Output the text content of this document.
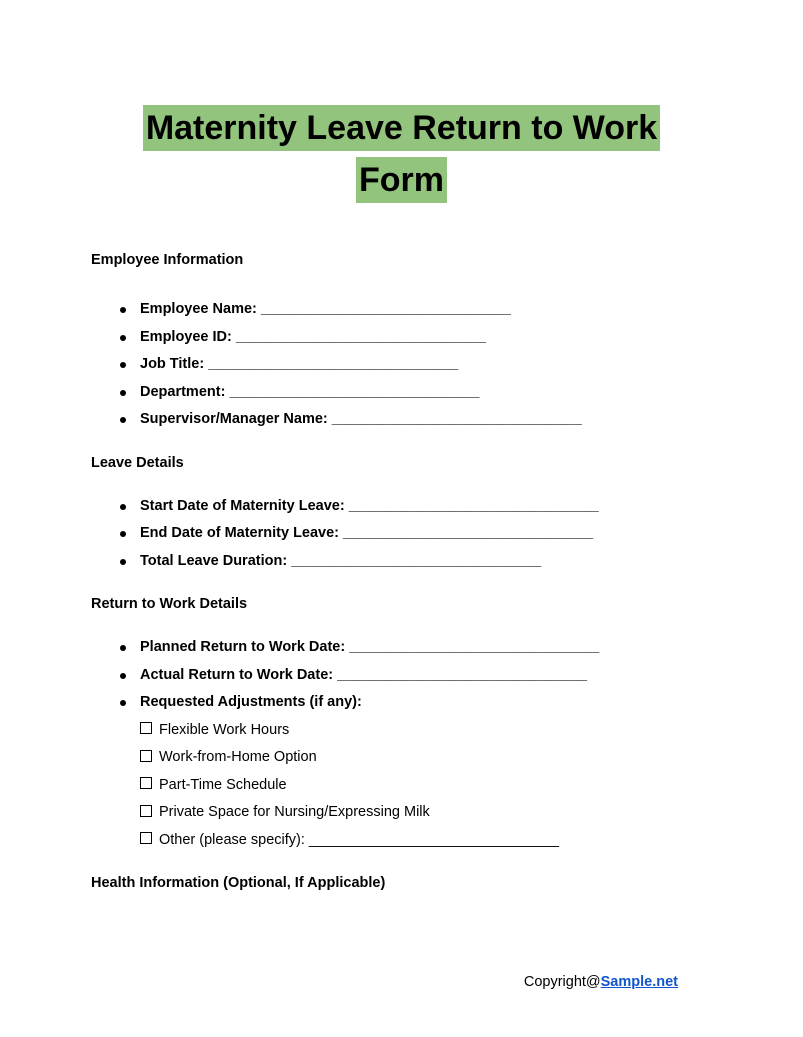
Maternity Leave Return to Work
Form
Employee Information
Employee Name: _______________________________
Employee ID: _______________________________
Job Title: _______________________________
Department: _______________________________
Supervisor/Manager Name: _______________________________
Leave Details
Start Date of Maternity Leave: _______________________________
End Date of Maternity Leave: _______________________________
Total Leave Duration: _______________________________
Return to Work Details
Planned Return to Work Date: _______________________________
Actual Return to Work Date: _______________________________
Requested Adjustments (if any):
Flexible Work Hours
Work-from-Home Option
Part-Time Schedule
Private Space for Nursing/Expressing Milk
Other (please specify): _______________________________
Health Information (Optional, If Applicable)
Copyright@Sample.net
